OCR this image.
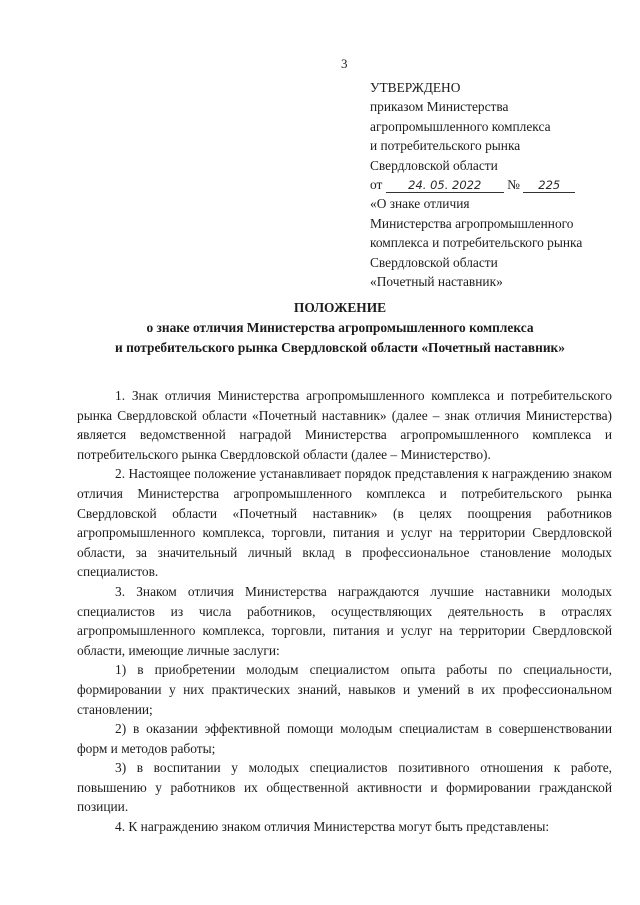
3
УТВЕРЖДЕНО
приказом Министерства
агропромышленного комплекса
и потребительского рынка
Свердловской области
от 24. 05. 2022 № 225
«О знаке отличия
Министерства агропромышленного
комплекса и потребительского рынка
Свердловской области
«Почетный наставник»
ПОЛОЖЕНИЕ
о знаке отличия Министерства агропромышленного комплекса
и потребительского рынка Свердловской области «Почетный наставник»

1. Знак отличия Министерства агропромышленного комплекса и потребительского рынка Свердловской области «Почетный наставник» (далее – знак отличия Министерства) является ведомственной наградой Министерства агропромышленного комплекса и потребительского рынка Свердловской области (далее – Министерство).

2. Настоящее положение устанавливает порядок представления к награждению знаком отличия Министерства агропромышленного комплекса и потребительского рынка Свердловской области «Почетный наставник» (в целях поощрения работников агропромышленного комплекса, торговли, питания и услуг на территории Свердловской области, за значительный личный вклад в профессиональное становление молодых специалистов.

3. Знаком отличия Министерства награждаются лучшие наставники молодых специалистов из числа работников, осуществляющих деятельность в отраслях агропромышленного комплекса, торговли, питания и услуг на территории Свердловской области, имеющие личные заслуги:

1) в приобретении молодым специалистом опыта работы по специальности, формировании у них практических знаний, навыков и умений в их профессиональном становлении;

2) в оказании эффективной помощи молодым специалистам в совершенствовании форм и методов работы;

3) в воспитании у молодых специалистов позитивного отношения к работе, повышению у работников их общественной активности и формировании гражданской позиции.

4. К награждению знаком отличия Министерства могут быть представлены:
